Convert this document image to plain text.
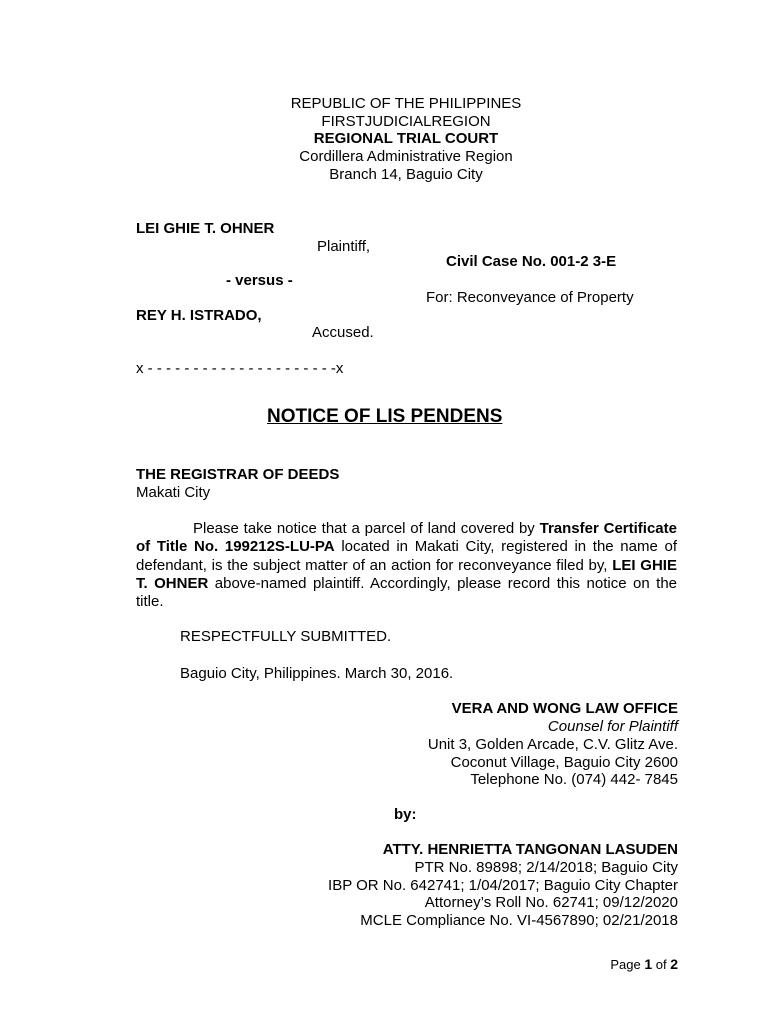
REPUBLIC OF THE PHILIPPINES
FIRSTJUDICIALREGION
REGIONAL TRIAL COURT
Cordillera Administrative Region
Branch 14, Baguio City
LEI GHIE T. OHNER
Plaintiff,
Civil Case No. 001-2 3-E
- versus -
For: Reconveyance of Property
REY H. ISTRADO,
Accused.
x - - - - - - - - - - - - - - - - - - - - -x
NOTICE OF LIS PENDENS
THE REGISTRAR OF DEEDS
Makati City
Please take notice that a parcel of land covered by Transfer Certificate of Title No. 199212S-LU-PA located in Makati City, registered in the name of defendant, is the subject matter of an action for reconveyance filed by, LEI GHIE T. OHNER above-named plaintiff. Accordingly, please record this notice on the title.
RESPECTFULLY SUBMITTED.
Baguio City, Philippines. March 30, 2016.
VERA AND WONG LAW OFFICE
Counsel for Plaintiff
Unit 3, Golden Arcade, C.V. Glitz Ave.
Coconut Village, Baguio City 2600
Telephone No. (074) 442- 7845
by:
ATTY. HENRIETTA TANGONAN LASUDEN
PTR No. 89898; 2/14/2018; Baguio City
IBP OR No. 642741; 1/04/2017; Baguio City Chapter
Attorney’s Roll No. 62741; 09/12/2020
MCLE Compliance No. VI-4567890; 02/21/2018
Page 1 of 2
